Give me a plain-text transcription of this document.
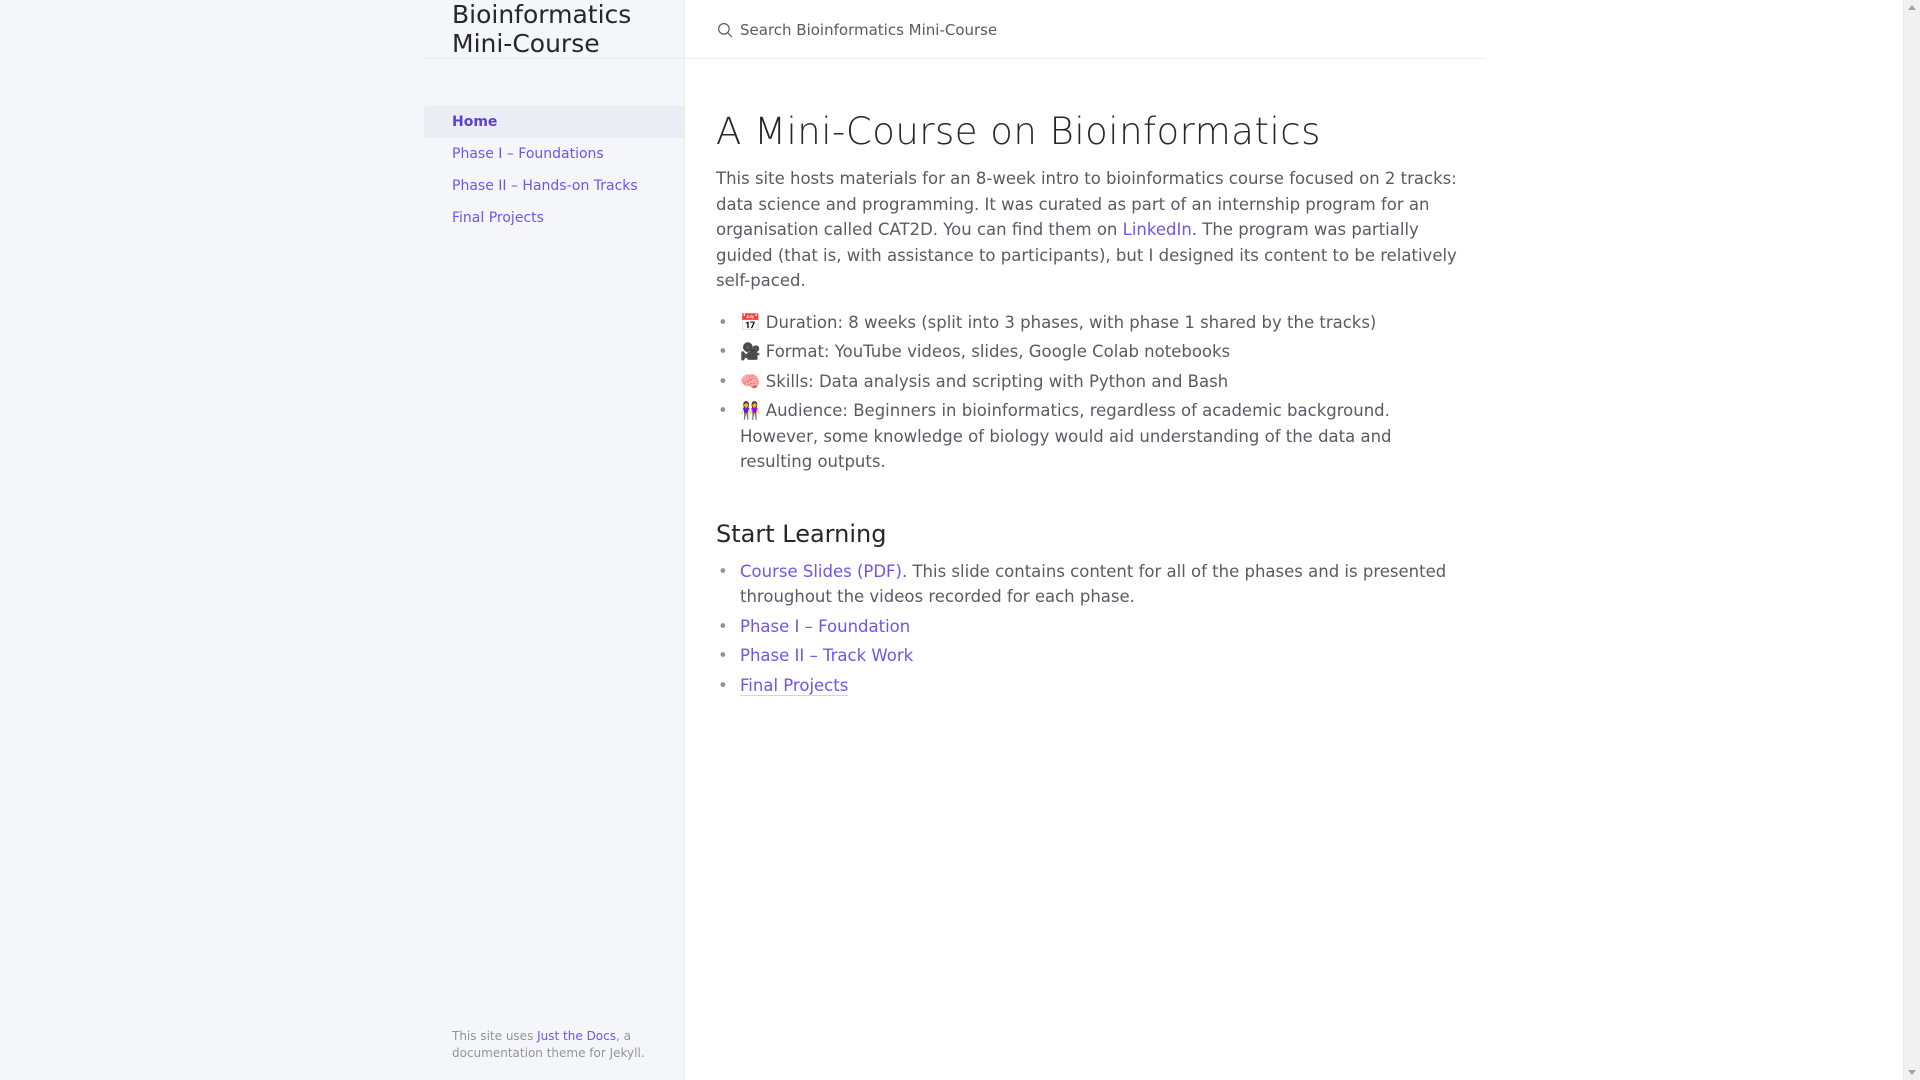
Bioinformatics Mini-Course
Home
Phase I – Foundations
Phase II – Hands-on Tracks
Final Projects
This site uses Just the Docs, a documentation theme for Jekyll.
Search Bioinformatics Mini-Course
A Mini-Course on Bioinformatics

This site hosts materials for an 8-week intro to bioinformatics course focused on 2 tracks: data science and programming. It was curated as part of an internship program for an organisation called CAT2D. You can find them on LinkedIn. The program was partially guided (that is, with assistance to participants), but I designed its content to be relatively self-paced.

• 📅 Duration: 8 weeks (split into 3 phases, with phase 1 shared by the tracks)
• 🎥 Format: YouTube videos, slides, Google Colab notebooks
• 🧠 Skills: Data analysis and scripting with Python and Bash
• 👭 Audience: Beginners in bioinformatics, regardless of academic background. However, some knowledge of biology would aid understanding of the data and resulting outputs.
Start Learning
• Course Slides (PDF). This slide contains content for all of the phases and is presented throughout the videos recorded for each phase.
• Phase I – Foundation
• Phase II – Track Work
• Final Projects
